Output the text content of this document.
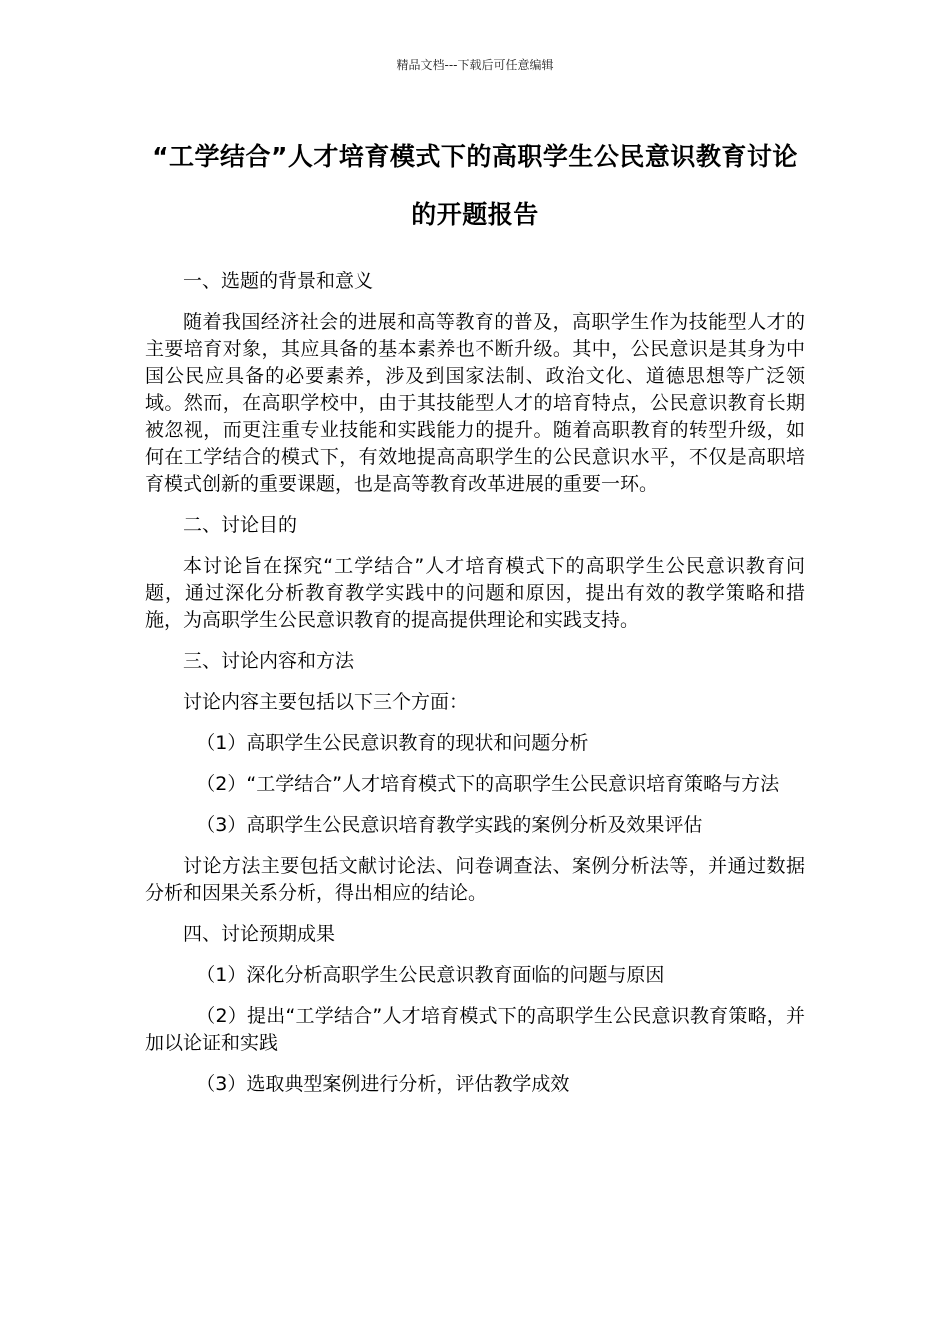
精品文档---下载后可任意编辑
“工学结合”人才培育模式下的高职学生公民意识教育讨论的开题报告

一、选题的背景和意义

随着我国经济社会的进展和高等教育的普及，高职学生作为技能型人才的主要培育对象，其应具备的基本素养也不断升级。其中，公民意识是其身为中国公民应具备的必要素养，涉及到国家法制、政治文化、道德思想等广泛领域。然而，在高职学校中，由于其技能型人才的培育特点，公民意识教育长期被忽视，而更注重专业技能和实践能力的提升。随着高职教育的转型升级，如何在工学结合的模式下，有效地提高高职学生的公民意识水平，不仅是高职培育模式创新的重要课题，也是高等教育改革进展的重要一环。

二、讨论目的

本讨论旨在探究“工学结合”人才培育模式下的高职学生公民意识教育问题，通过深化分析教育教学实践中的问题和原因，提出有效的教学策略和措施，为高职学生公民意识教育的提高提供理论和实践支持。

三、讨论内容和方法

讨论内容主要包括以下三个方面：

（1）高职学生公民意识教育的现状和问题分析

（2）“工学结合”人才培育模式下的高职学生公民意识培育策略与方法

（3）高职学生公民意识培育教学实践的案例分析及效果评估

讨论方法主要包括文献讨论法、问卷调查法、案例分析法等，并通过数据分析和因果关系分析，得出相应的结论。

四、讨论预期成果

（1）深化分析高职学生公民意识教育面临的问题与原因

（2）提出“工学结合”人才培育模式下的高职学生公民意识教育策略，并加以论证和实践

（3）选取典型案例进行分析，评估教学成效
